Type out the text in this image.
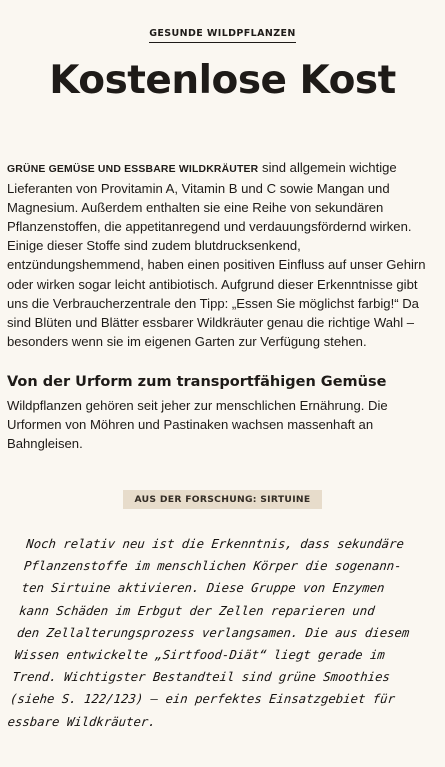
GESUNDE WILDPFLANZEN
Kostenlose Kost
GRÜNE GEMÜSE UND ESSBARE WILDKRÄUTER sind allgemein wichtige Lieferanten von Provitamin A, Vitamin B und C sowie Mangan und Magnesium. Außerdem enthalten sie eine Reihe von sekundären Pflanzenstoffen, die appetitanregend und verdauungsfördernd wirken. Einige dieser Stoffe sind zudem blutdrucksenkend, entzündungshemmend, haben einen positiven Einfluss auf unser Gehirn oder wirken sogar leicht antibiotisch. Aufgrund dieser Erkenntnisse gibt uns die Verbraucherzentrale den Tipp: „Essen Sie möglichst farbig!“ Da sind Blüten und Blätter essbarer Wildkräuter genau die richtige Wahl – besonders wenn sie im eigenen Garten zur Verfügung stehen.
Von der Urform zum transportfähigen Gemüse
Wildpflanzen gehören seit jeher zur menschlichen Ernährung. Die Urformen von Möhren und Pastinaken wachsen massenhaft an Bahngleisen.
AUS DER FORSCHUNG: SIRTUINE
Noch relativ neu ist die Erkenntnis, dass sekundäre
Pflanzenstoffe im menschlichen Körper die sogenann-
ten Sirtuine aktivieren. Diese Gruppe von Enzymen
kann Schäden im Erbgut der Zellen reparieren und
den Zellalterungsprozess verlangsamen. Die aus diesem
Wissen entwickelte „Sirtfood-Diät“ liegt gerade im
Trend. Wichtigster Bestandteil sind grüne Smoothies
(siehe S. 122/123) – ein perfektes Einsatzgebiet für
essbare Wildkräuter.
